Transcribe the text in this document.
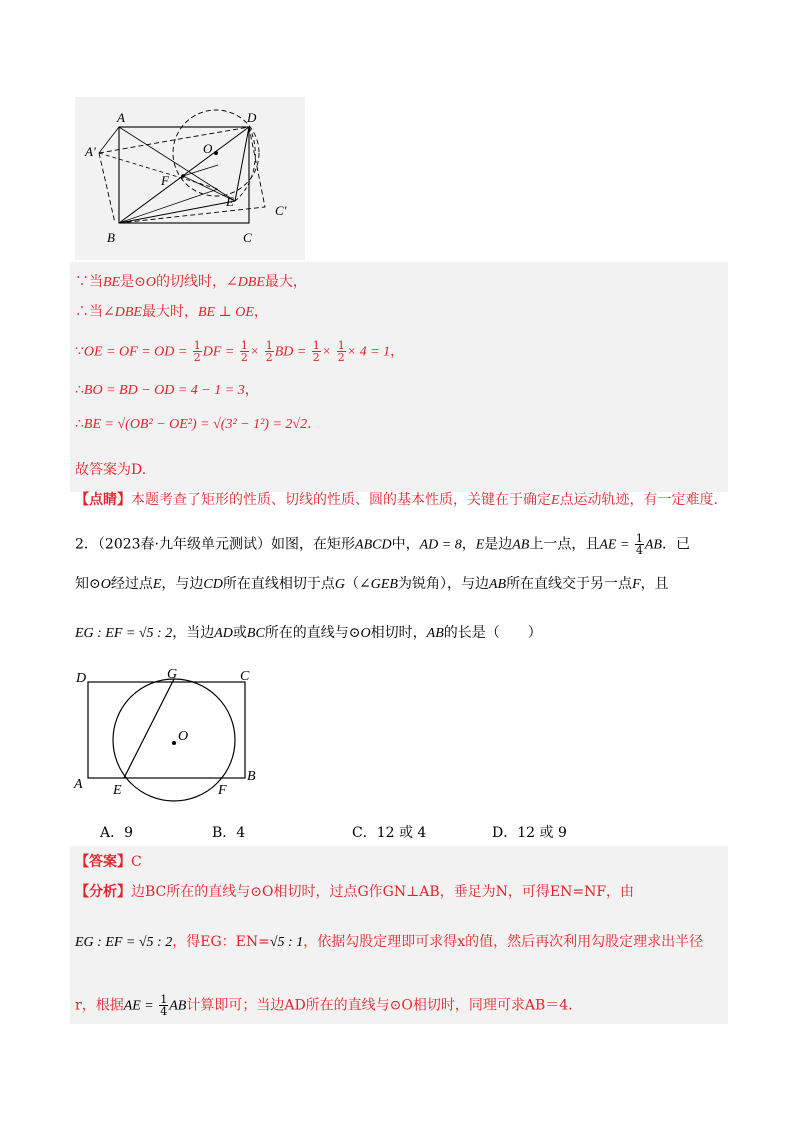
A	D
A′	O
F
E
C′
B	C
∵当BE是⊙O的切线时，∠DBE最大，
∴当∠DBE最大时，BE ⊥ OE，
∵OE = OF = OD = $\frac{1}{2}$ DF = $\frac{1}{2} \times \frac{1}{2}$ BD = $\frac{1}{2} \times \frac{1}{2} \times 4 = 1$，
∴BO = BD − OD = 4 − 1 = 3，
∴BE = √(OB² − OE²) = √(3² − 1²) = 2√2.
故答案为D.
【点睛】本题考查了矩形的性质、切线的性质、圆的基本性质，关键在于确定E点运动轨迹，有一定难度.
2．（2023春·九年级单元测试）如图，在矩形ABCD中，AD = 8，E是边AB上一点，且AE = $\frac{1}{4}$ AB．已
知⊙O经过点E，与边CD所在直线相切于点G（∠GEB为锐角），与边AB所在直线交于另一点F，且
EG : EF = √5 : 2，当边AD或BC所在的直线与⊙O相切时，AB的长是（　　）
D	G	C
O
A
B
E	F
A．9	B．4	C．12 或 4	D．12 或 9
【答案】C
【分析】边BC所在的直线与⊙O相切时，过点G作GN⊥AB，垂足为N，可得EN=NF，由
EG : EF = √5 : 2，得EG：EN=√5 : 1，依据勾股定理即可求得x的值，然后再次利用勾股定理求出半径
r，根据AE = $\frac{1}{4}$ AB计算即可；当边AD所在的直线与⊙O相切时，同理可求AB＝4.
